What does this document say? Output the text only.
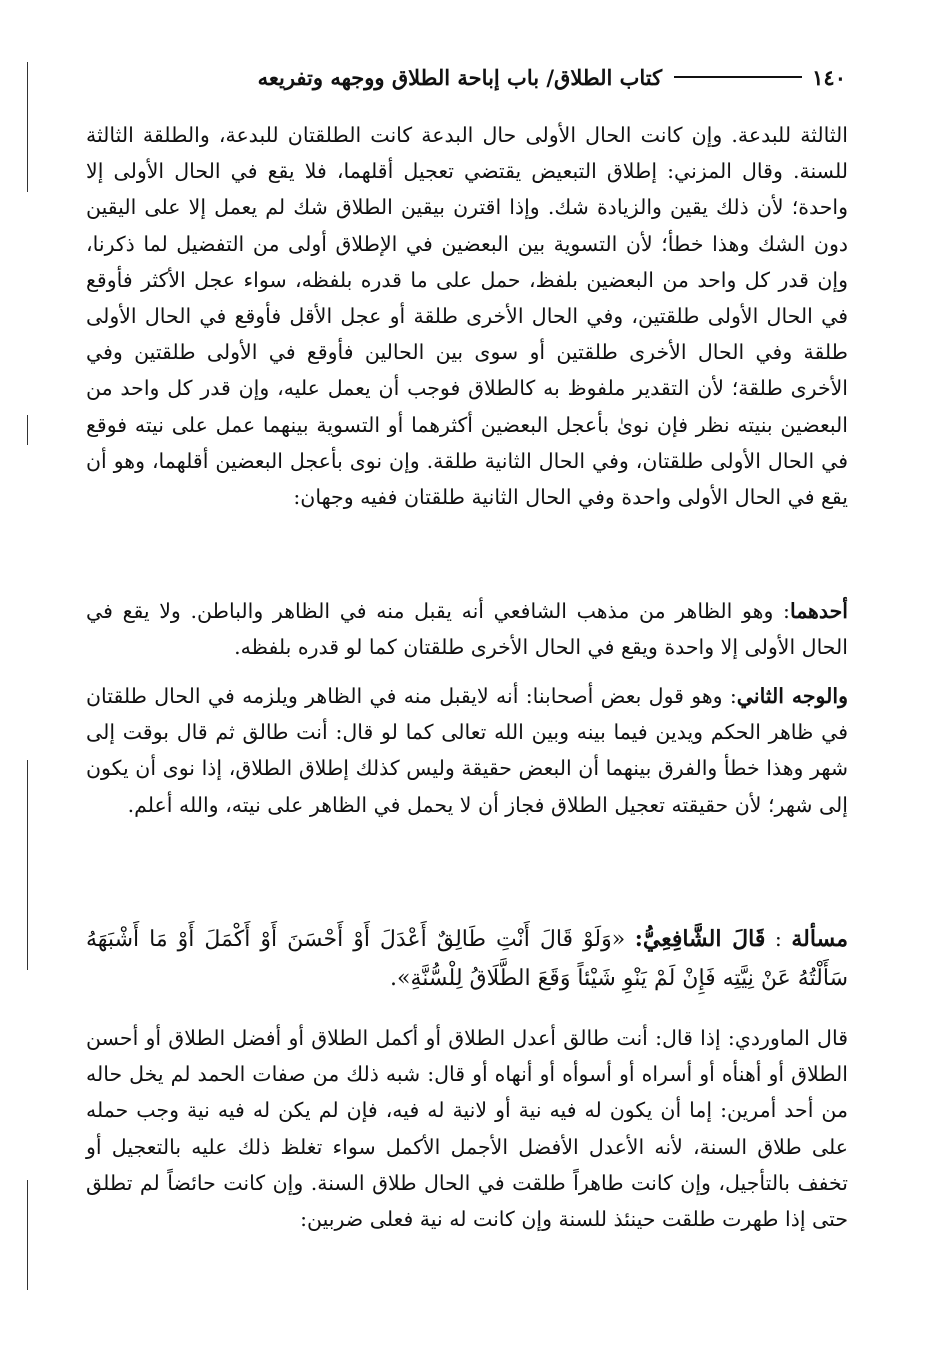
١٤٠
كتاب الطلاق/ باب إباحة الطلاق ووجهه وتفريعه

الثالثة للبدعة. وإن كانت الحال الأولى حال البدعة كانت الطلقتان للبدعة، والطلقة الثالثة للسنة. وقال المزني: إطلاق التبعيض يقتضي تعجيل أقلهما، فلا يقع في الحال الأولى إلا واحدة؛ لأن ذلك يقين والزيادة شك. وإذا اقترن بيقين الطلاق شك لم يعمل إلا على اليقين دون الشك وهذا خطأ؛ لأن التسوية بين البعضين في الإطلاق أولى من التفضيل لما ذكرنا، وإن قدر كل واحد من البعضين بلفظ، حمل على ما قدره بلفظه، سواء عجل الأكثر فأوقع في الحال الأولى طلقتين، وفي الحال الأخرى طلقة أو عجل الأقل فأوقع في الحال الأولى طلقة وفي الحال الأخرى طلقتين أو سوى بين الحالين فأوقع في الأولى طلقتين وفي الأخرى طلقة؛ لأن التقدير ملفوظ به كالطلاق فوجب أن يعمل عليه، وإن قدر كل واحد من البعضين بنيته نظر فإن نوىٰ بأعجل البعضين أكثرهما أو التسوية بينهما عمل على نيته فوقع في الحال الأولى طلقتان، وفي الحال الثانية طلقة. وإن نوى بأعجل البعضين أقلهما، وهو أن يقع في الحال الأولى واحدة وفي الحال الثانية طلقتان ففيه وجهان:

أحدهما: وهو الظاهر من مذهب الشافعي أنه يقبل منه في الظاهر والباطن. ولا يقع في الحال الأولى إلا واحدة ويقع في الحال الأخرى طلقتان كما لو قدره بلفظه.

والوجه الثاني: وهو قول بعض أصحابنا: أنه لايقبل منه في الظاهر ويلزمه في الحال طلقتان في ظاهر الحكم ويدين فيما بينه وبين الله تعالى كما لو قال: أنت طالق ثم قال بوقت إلى شهر وهذا خطأ والفرق بينهما أن البعض حقيقة وليس كذلك إطلاق الطلاق، إذا نوى أن يكون إلى شهر؛ لأن حقيقته تعجيل الطلاق فجاز أن لا يحمل في الظاهر على نيته، والله أعلم.

مسألة : قَالَ الشَّافِعِيُّ: «وَلَوْ قَالَ أَنْتِ طَالِقٌ أَعْدَلَ أَوْ أَحْسَنَ أَوْ أَكْمَلَ أَوْ مَا أَشْبَهَهُ سَأَلْتُهُ عَنْ نِيَّتِه فَإِنْ لَمْ يَنْوِ شَيْئاً وَقَعَ الطَّلَاقُ لِلْسُّنَّةِ».

قال الماوردي: إذا قال: أنت طالق أعدل الطلاق أو أكمل الطلاق أو أفضل الطلاق أو أحسن الطلاق أو أهنأه أو أسراه أو أسوأه أو أنهاه أو قال: شبه ذلك من صفات الحمد لم يخل حاله من أحد أمرين: إما أن يكون له فيه نية أو لانية له فيه، فإن لم يكن له فيه نية وجب حمله على طلاق السنة، لأنه الأعدل الأفضل الأجمل الأكمل سواء تغلظ ذلك عليه بالتعجيل أو تخفف بالتأجيل، وإن كانت طاهراً طلقت في الحال طلاق السنة. وإن كانت حائضاً لم تطلق حتى إذا طهرت طلقت حينئذ للسنة وإن كانت له نية فعلى ضربين:
